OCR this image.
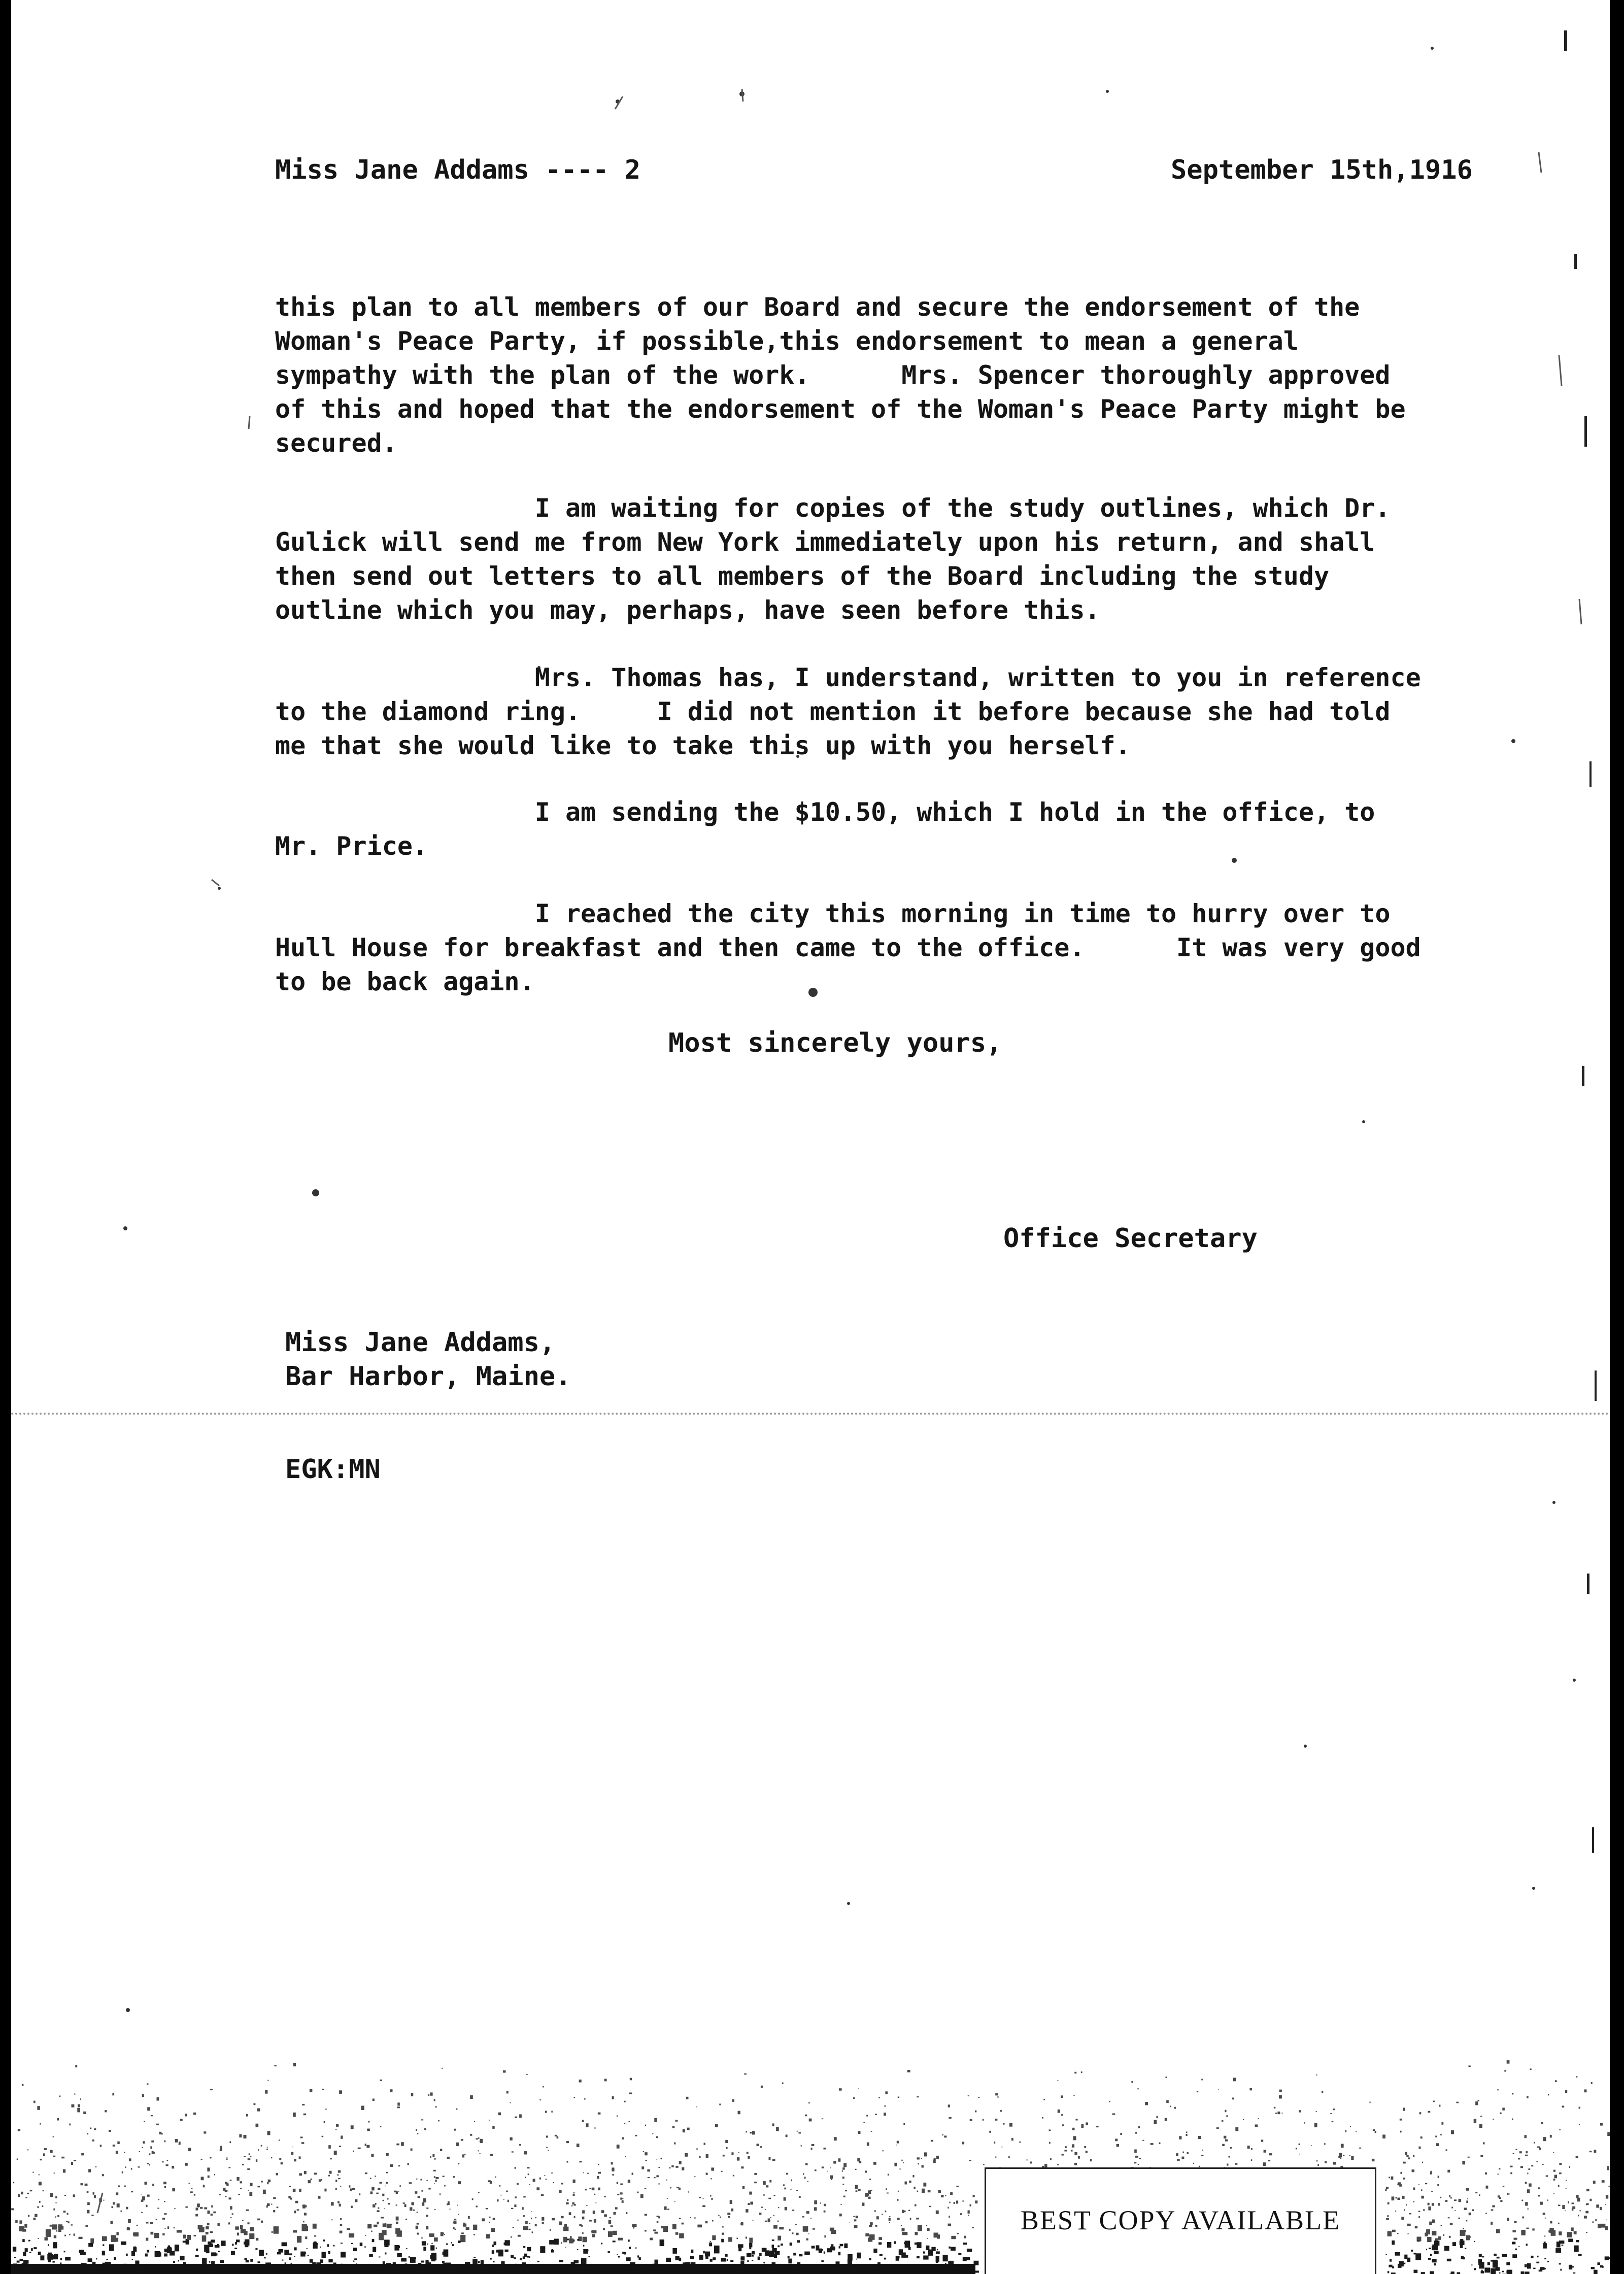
Miss Jane Addams ---- 2	September 15th,1916
this plan to all members of our Board and secure the endorsement of the
Woman's Peace Party, if possible,this endorsement to mean a general
sympathy with the plan of the work.      Mrs. Spencer thoroughly approved
of this and hoped that the endorsement of the Woman's Peace Party might be
secured.
I am waiting for copies of the study outlines, which Dr.
Gulick will send me from New York immediately upon his return, and shall
then send out letters to all members of the Board including the study
outline which you may, perhaps, have seen before this.
Mrs. Thomas has, I understand, written to you in reference
to the diamond ring.     I did not mention it before because she had told
me that she would like to take this up with you herself.
I am sending the $10.50, which I hold in the office, to
Mr. Price.
I reached the city this morning in time to hurry over to
Hull House for breakfast and then came to the office.      It was very good
to be back again.
Most sincerely yours,
Office Secretary
Miss Jane Addams,
Bar Harbor, Maine.
EGK:MN
BEST COPY AVAILABLE
